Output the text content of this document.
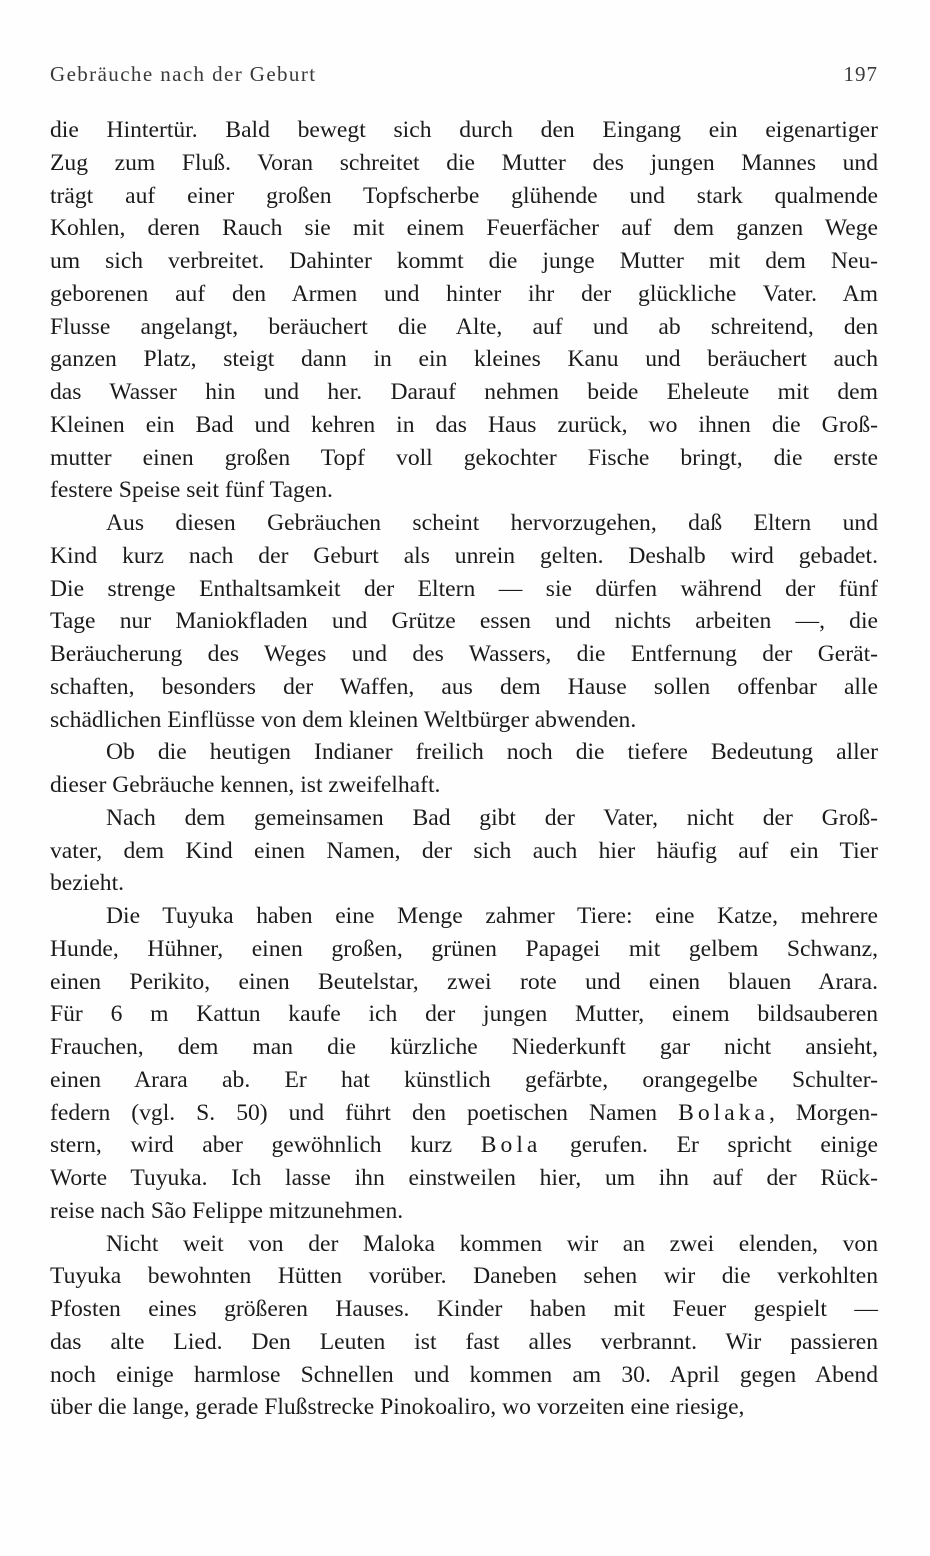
Gebräuche nach der Geburt	197
die Hintertür. Bald bewegt sich durch den Eingang ein eigenartiger
Zug zum Fluß. Voran schreitet die Mutter des jungen Mannes und
trägt auf einer großen Topfscherbe glühende und stark qualmende
Kohlen, deren Rauch sie mit einem Feuerfächer auf dem ganzen Wege
um sich verbreitet. Dahinter kommt die junge Mutter mit dem Neu-
geborenen auf den Armen und hinter ihr der glückliche Vater. Am
Flusse angelangt, beräuchert die Alte, auf und ab schreitend, den
ganzen Platz, steigt dann in ein kleines Kanu und beräuchert auch
das Wasser hin und her. Darauf nehmen beide Eheleute mit dem
Kleinen ein Bad und kehren in das Haus zurück, wo ihnen die Groß-
mutter einen großen Topf voll gekochter Fische bringt, die erste
festere Speise seit fünf Tagen.
Aus diesen Gebräuchen scheint hervorzugehen, daß Eltern und
Kind kurz nach der Geburt als unrein gelten. Deshalb wird gebadet.
Die strenge Enthaltsamkeit der Eltern — sie dürfen während der fünf
Tage nur Maniokfladen und Grütze essen und nichts arbeiten —, die
Beräucherung des Weges und des Wassers, die Entfernung der Gerät-
schaften, besonders der Waffen, aus dem Hause sollen offenbar alle
schädlichen Einflüsse von dem kleinen Weltbürger abwenden.
Ob die heutigen Indianer freilich noch die tiefere Bedeutung aller
dieser Gebräuche kennen, ist zweifelhaft.
Nach dem gemeinsamen Bad gibt der Vater, nicht der Groß-
vater, dem Kind einen Namen, der sich auch hier häufig auf ein Tier
bezieht.
Die Tuyuka haben eine Menge zahmer Tiere: eine Katze, mehrere
Hunde, Hühner, einen großen, grünen Papagei mit gelbem Schwanz,
einen Perikito, einen Beutelstar, zwei rote und einen blauen Arara.
Für 6 m Kattun kaufe ich der jungen Mutter, einem bildsauberen
Frauchen, dem man die kürzliche Niederkunft gar nicht ansieht,
einen Arara ab. Er hat künstlich gefärbte, orangegelbe Schulter-
federn (vgl. S. 50) und führt den poetischen Namen Bolaka, Morgen-
stern, wird aber gewöhnlich kurz Bola gerufen. Er spricht einige
Worte Tuyuka. Ich lasse ihn einstweilen hier, um ihn auf der Rück-
reise nach São Felippe mitzunehmen.
Nicht weit von der Maloka kommen wir an zwei elenden, von
Tuyuka bewohnten Hütten vorüber. Daneben sehen wir die verkohlten
Pfosten eines größeren Hauses. Kinder haben mit Feuer gespielt —
das alte Lied. Den Leuten ist fast alles verbrannt. Wir passieren
noch einige harmlose Schnellen und kommen am 30. April gegen Abend
über die lange, gerade Flußstrecke Pinokoaliro, wo vorzeiten eine riesige,
